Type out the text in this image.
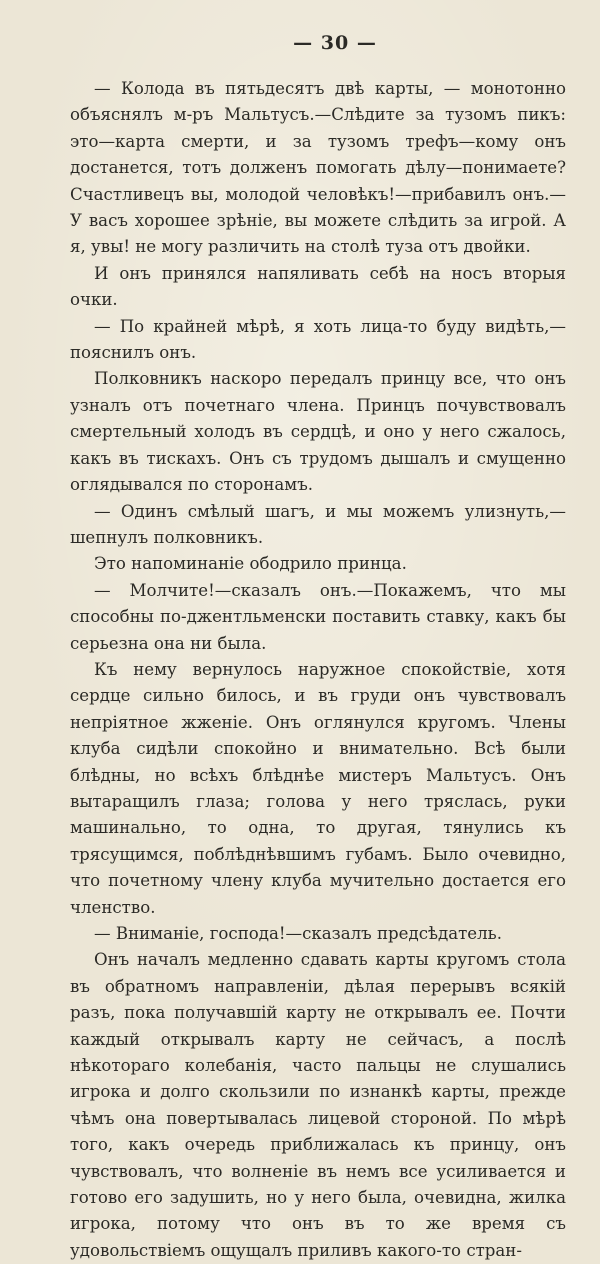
— 30 —

— Колода въ пятьдесятъ двѣ карты, — монотонно объяснялъ м-ръ Мальтусъ.—Слѣдите за тузомъ пикъ: это—карта смерти, и за тузомъ трефъ—кому онъ достанется, тотъ долженъ помогать дѣлу—понимаете? Счастливецъ вы, молодой человѣкъ!—прибавилъ онъ.—У васъ хорошее зрѣніе, вы можете слѣдить за игрой. А я, увы! не могу различить на столѣ туза отъ двойки.

И онъ принялся напяливать себѣ на носъ вторыя очки.

— По крайней мѣрѣ, я хоть лица-то буду видѣть,—пояснилъ онъ.

Полковникъ наскоро передалъ принцу все, что онъ узналъ отъ почетнаго члена. Принцъ почувствовалъ смертельный холодъ въ сердцѣ, и оно у него сжалось, какъ въ тискахъ. Онъ съ трудомъ дышалъ и смущенно оглядывался по сторонамъ.

— Одинъ смѣлый шагъ, и мы можемъ улизнуть,—шепнулъ полковникъ.

Это напоминаніе ободрило принца.

— Молчите!—сказалъ онъ.—Покажемъ, что мы способны по-джентльменски поставить ставку, какъ бы серьезна она ни была.

Къ нему вернулось наружное спокойствіе, хотя сердце сильно билось, и въ груди онъ чувствовалъ непріятное жженіе. Онъ оглянулся кругомъ. Члены клуба сидѣли спокойно и внимательно. Всѣ были блѣдны, но всѣхъ блѣднѣе мистеръ Мальтусъ. Онъ вытаращилъ глаза; голова у него тряслась, руки машинально, то одна, то другая, тянулись къ трясущимся, поблѣднѣвшимъ губамъ. Было очевидно, что почетному члену клуба мучительно достается его членство.

— Вниманіе, господа!—сказалъ предсѣдатель.

Онъ началъ медленно сдавать карты кругомъ стола въ обратномъ направленіи, дѣлая перерывъ всякій разъ, пока получавшій карту не открывалъ ее. Почти каждый открывалъ карту не сейчасъ, а послѣ нѣкотораго колебанія, часто пальцы не слушались игрока и долго скользили по изнанкѣ карты, прежде чѣмъ она повертывалась лицевой стороной. По мѣрѣ того, какъ очередь приближалась къ принцу, онъ чувствовалъ, что волненіе въ немъ все усиливается и готово его задушить, но у него была, очевидна, жилка игрока, потому что онъ въ то же время съ удовольствіемъ ощущалъ приливъ какого-то стран-
